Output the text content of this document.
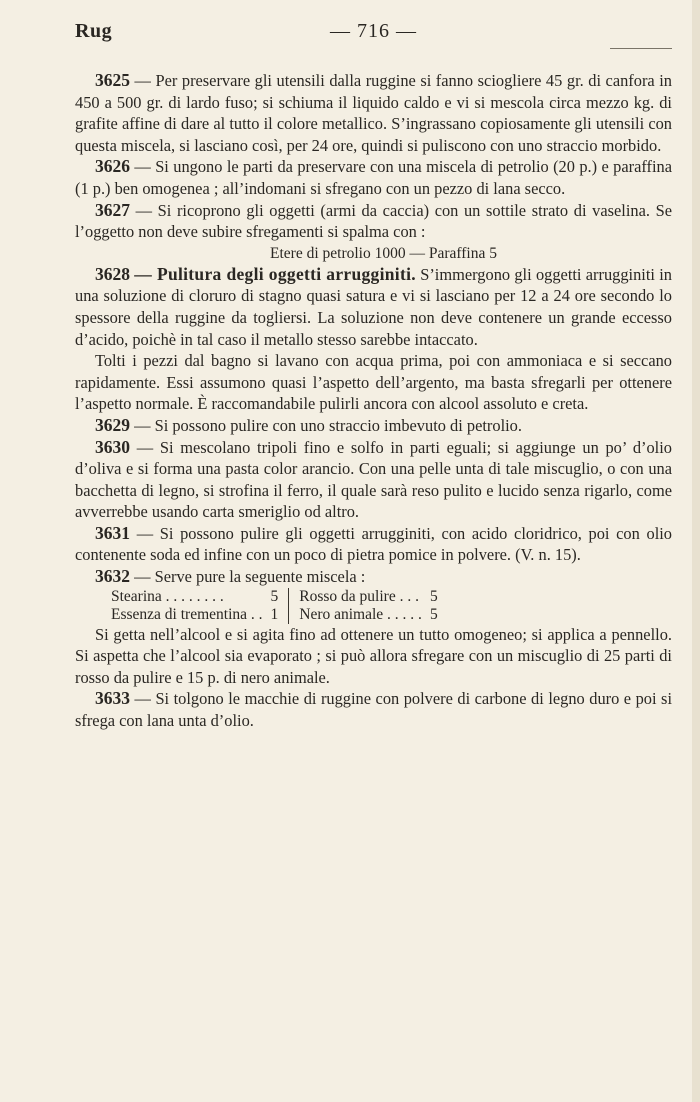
Rug	— 716 —

3625 — Per preservare gli utensili dalla ruggine si fanno sciogliere 45 gr. di canfora in 450 a 500 gr. di lardo fuso; si schiuma il liquido caldo e vi si mescola circa mezzo kg. di grafite affine di dare al tutto il colore metallico. S’ingrassano copiosamente gli utensili con questa miscela, si lasciano così, per 24 ore, quindi si puliscono con uno straccio morbido.

3626 — Si ungono le parti da preservare con una miscela di petrolio (20 p.) e paraffina (1 p.) ben omogenea ; all’indomani si sfregano con un pezzo di lana secco.

3627 — Si ricoprono gli oggetti (armi da caccia) con un sottile strato di vaselina. Se l’oggetto non deve subire sfregamenti si spalma con :

Etere di petrolio 1000 — Paraffina 5

3628 — Pulitura degli oggetti arrugginiti. S’immergono gli oggetti arrugginiti in una soluzione di cloruro di stagno quasi satura e vi si lasciano per 12 a 24 ore secondo lo spessore della ruggine da togliersi. La soluzione non deve contenere un grande eccesso d’acido, poichè in tal caso il metallo stesso sarebbe intaccato.

Tolti i pezzi dal bagno si lavano con acqua prima, poi con ammoniaca e si seccano rapidamente. Essi assumono quasi l’aspetto dell’argento, ma basta sfregarli per ottenere l’aspetto normale. È raccomandabile pulirli ancora con alcool assoluto e creta.

3629 — Si possono pulire con uno straccio imbevuto di petrolio.

3630 — Si mescolano tripoli fino e solfo in parti eguali; si aggiunge un po’ d’olio d’oliva e si forma una pasta color arancio. Con una pelle unta di tale miscuglio, o con una bacchetta di legno, si strofina il ferro, il quale sarà reso pulito e lucido senza rigarlo, come avverrebbe usando carta smeriglio od altro.

3631 — Si possono pulire gli oggetti arrugginiti, con acido cloridrico, poi con olio contenente soda ed infine con un poco di pietra pomice in polvere. (V. n. 15).

3632 — Serve pure la seguente miscela :

Stearina . . . . . . . .	5	Rosso da pulire . . .	5
Essenza di trementina . .	1	Nero animale . . . . .	5

Si getta nell’alcool e si agita fino ad ottenere un tutto omogeneo; si applica a pennello. Si aspetta che l’alcool sia evaporato ; si può allora sfregare con un miscuglio di 25 parti di rosso da pulire e 15 p. di nero animale.

3633 — Si tolgono le macchie di ruggine con polvere di carbone di legno duro e poi si sfrega con lana unta d’olio.
